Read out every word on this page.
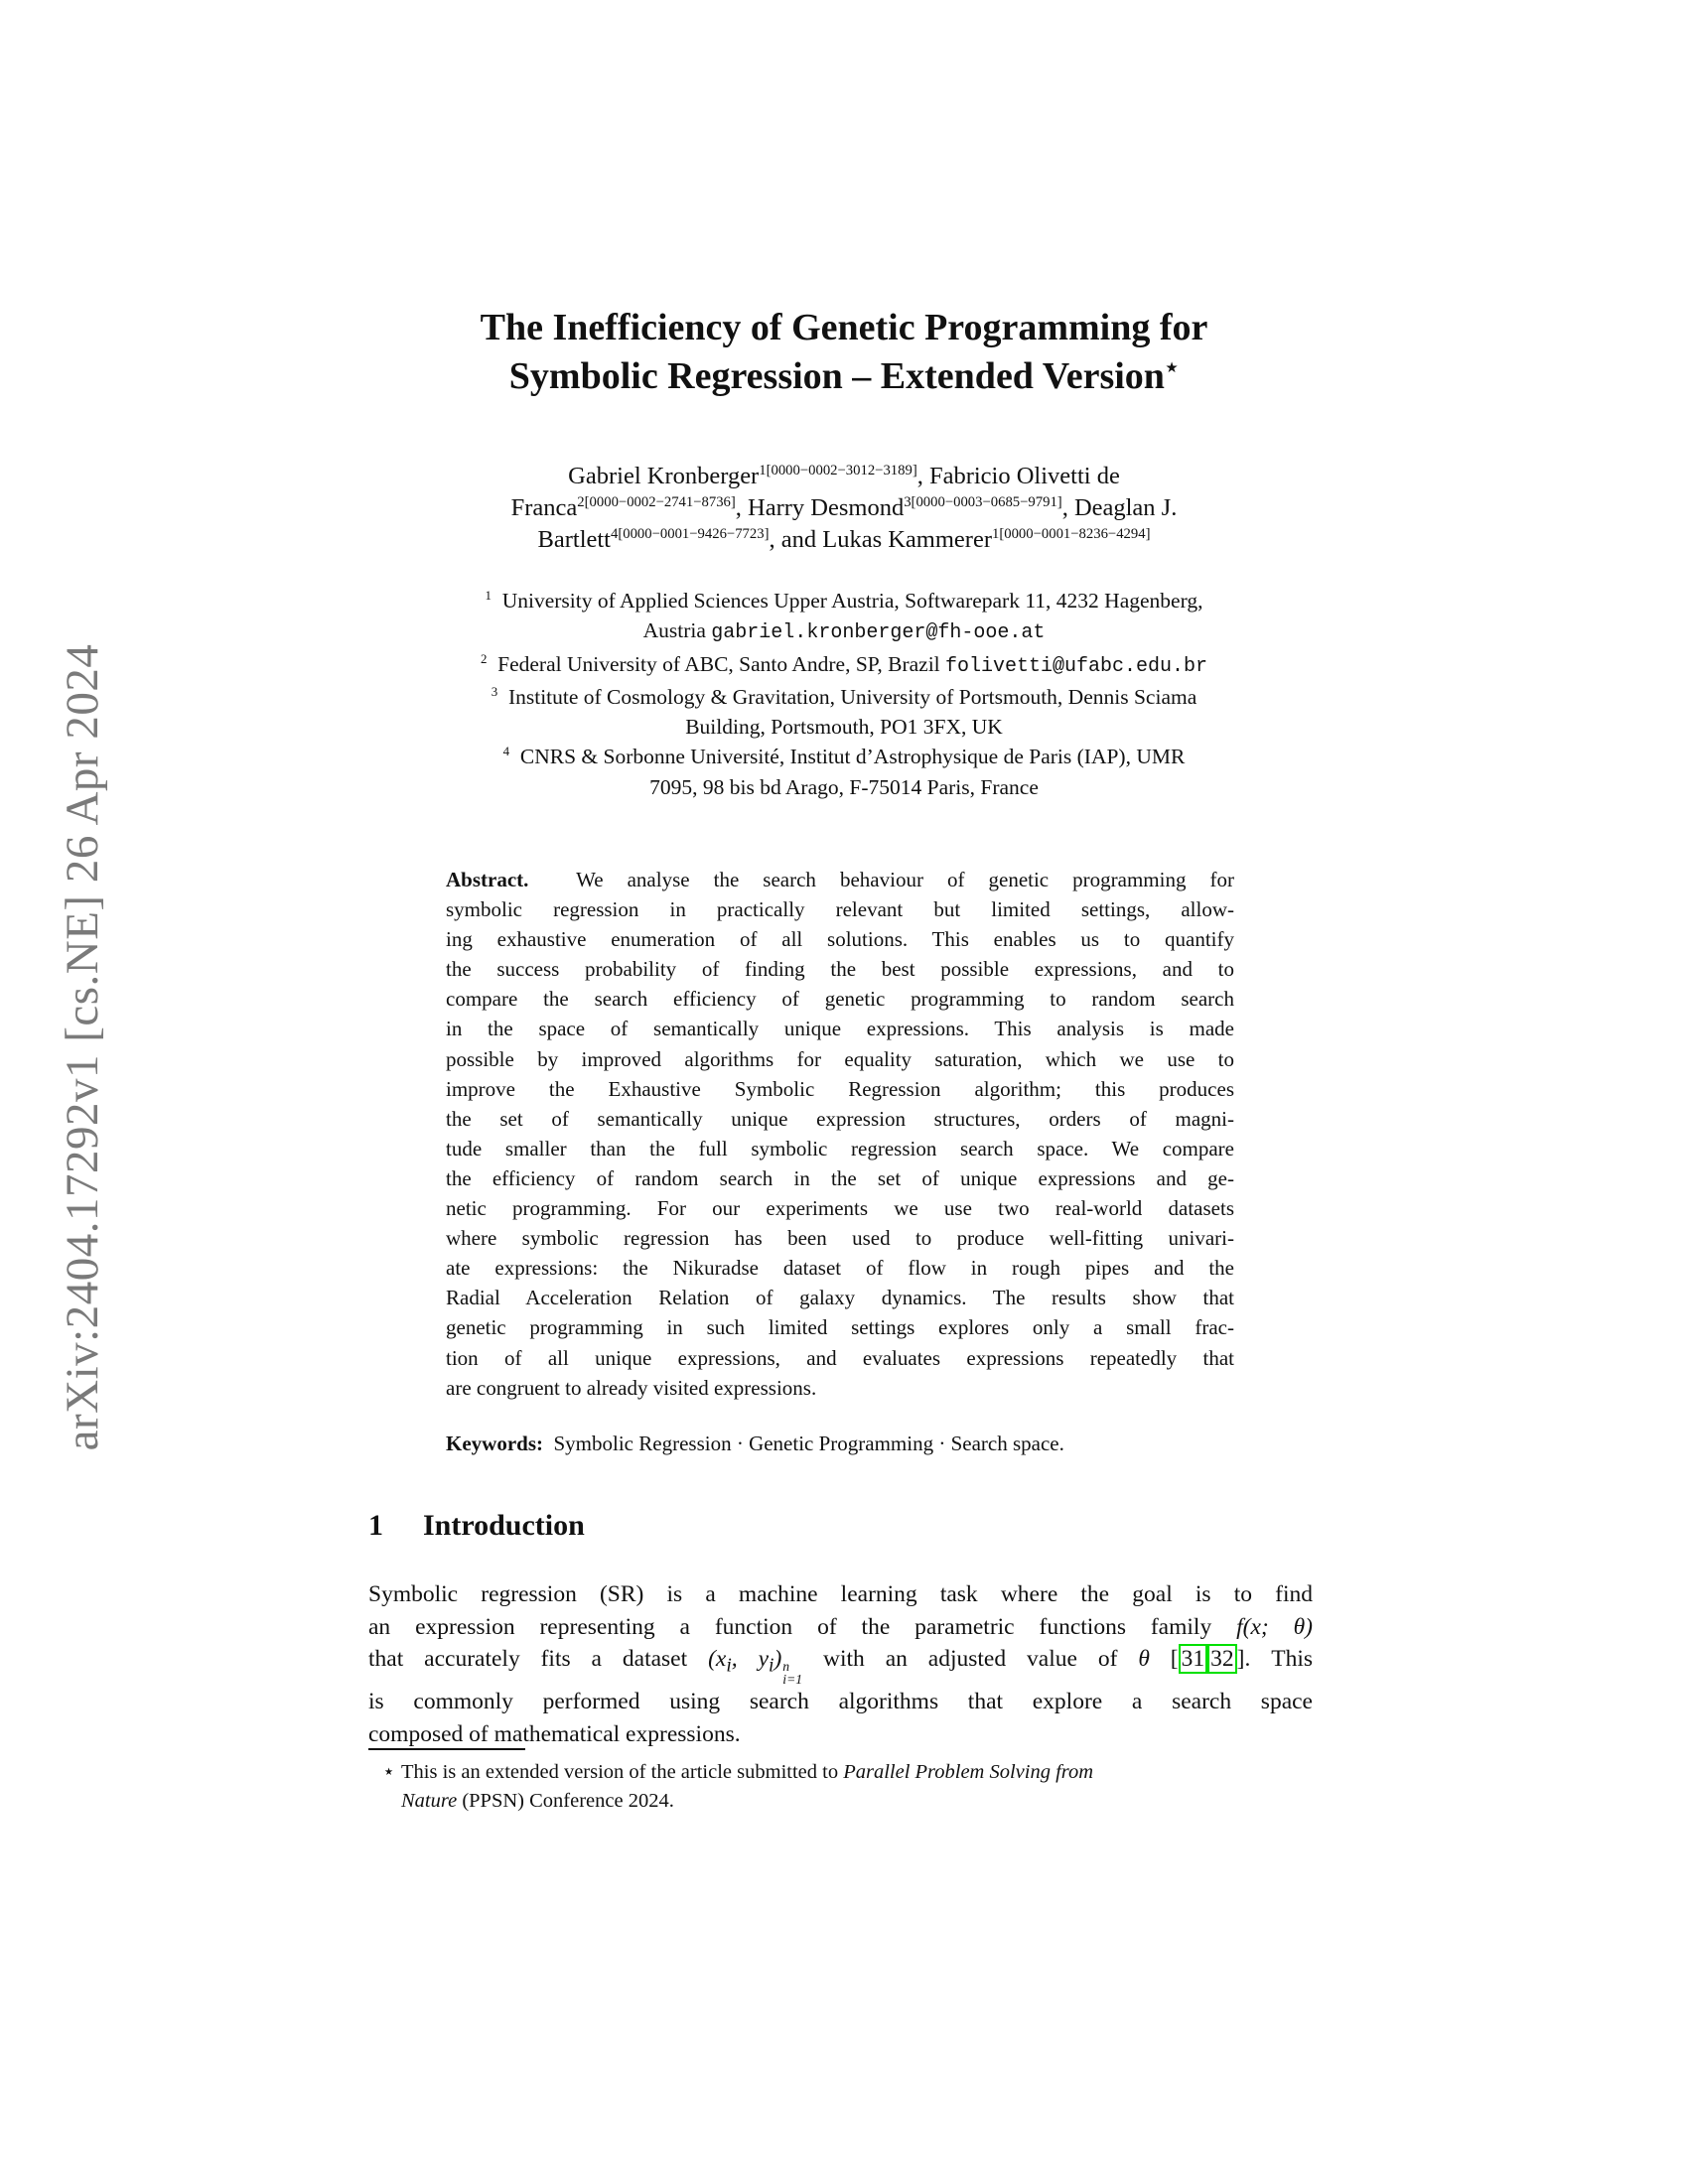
arXiv:2404.17292v1 [cs.NE] 26 Apr 2024
The Inefficiency of Genetic Programming for
Symbolic Regression – Extended Version⋆
Gabriel Kronberger$^{1[0000-0002-3012-3189]}$, Fabricio Olivetti de
Franca$^{2[0000-0002-2741-8736]}$, Harry Desmond$^{3[0000-0003-0685-9791]}$, Deaglan J.
Bartlett$^{4[0000-0001-9426-7723]}$, and Lukas Kammerer$^{1[0000-0001-8236-4294]}$
$^1$ University of Applied Sciences Upper Austria, Softwarepark 11, 4232 Hagenberg,
Austria gabriel.kronberger@fh-ooe.at
$^2$ Federal University of ABC, Santo Andre, SP, Brazil folivetti@ufabc.edu.br
$^3$ Institute of Cosmology & Gravitation, University of Portsmouth, Dennis Sciama
Building, Portsmouth, PO1 3FX, UK
$^4$ CNRS & Sorbonne Université, Institut d’Astrophysique de Paris (IAP), UMR
7095, 98 bis bd Arago, F-75014 Paris, France
Abstract. We analyse the search behaviour of genetic programming for
symbolic regression in practically relevant but limited settings, allow-
ing exhaustive enumeration of all solutions. This enables us to quantify
the success probability of finding the best possible expressions, and to
compare the search efficiency of genetic programming to random search
in the space of semantically unique expressions. This analysis is made
possible by improved algorithms for equality saturation, which we use to
improve the Exhaustive Symbolic Regression algorithm; this produces
the set of semantically unique expression structures, orders of magni-
tude smaller than the full symbolic regression search space. We compare
the efficiency of random search in the set of unique expressions and ge-
netic programming. For our experiments we use two real-world datasets
where symbolic regression has been used to produce well-fitting univari-
ate expressions: the Nikuradse dataset of flow in rough pipes and the
Radial Acceleration Relation of galaxy dynamics. The results show that
genetic programming in such limited settings explores only a small frac-
tion of all unique expressions, and evaluates expressions repeatedly that
are congruent to already visited expressions.
Keywords: Symbolic Regression · Genetic Programming · Search space.
1 Introduction
Symbolic regression (SR) is a machine learning task where the goal is to find
an expression representing a function of the parametric functions family f(x; θ)
that accurately fits a dataset ($x_i$, $y_i$) n
i=1
with an adjusted value of θ [ 31 32 ]. This
is commonly performed using search algorithms that explore a search space
composed of mathematical expressions.
⋆ This is an extended version of the article submitted to Parallel Problem Solving from
Nature (PPSN) Conference 2024.
